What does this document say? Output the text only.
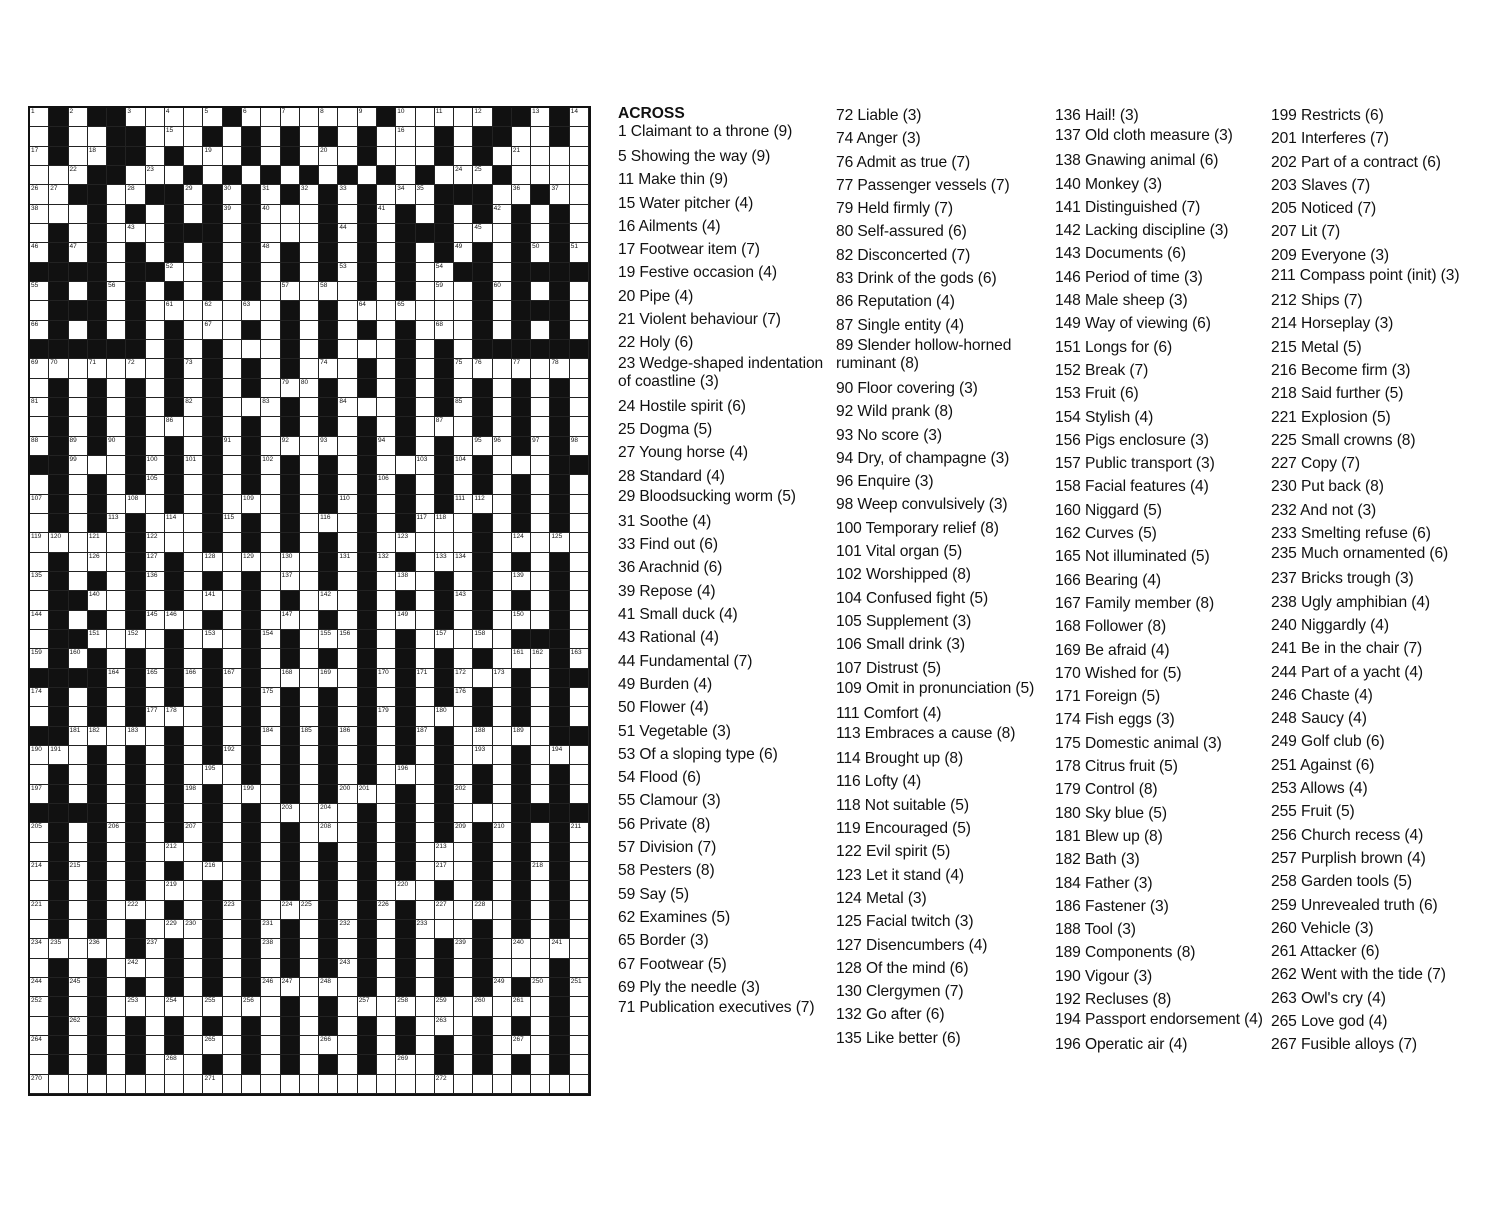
1	2	3	4	5	6	7	8	9	10	11	12	13	14
15	16
17	18	19	20	21
22	23	24 25
26 27	28	29	30	31	32	33	34 35	36	37
38	39	40	41	42
43	44	45
46	47	48	49	50	51
52	53	54
55	56	57	58	59	60
61	62	63	64	65
66	67	68
69 70	71	72	73	74	75 76	77	78
79 80
81	82	83	84	85
86	87
88	89	90	91	92	93	94	95 96	97	98
99	100	101	102	103	104
105	106
107	108	109	110	111 112
113	114	115	116	117 118
119 120	121	122	123	124	125
126	127	128	129	130	131	132	133 134
135	136	137	138	139
140	141	142	143
144	145 146	147	149	150
151	152	153	154	155 156	157	158
159	160	161 162	163
164	165	166	167	168	169	170	171	172	173
174	175	176
177 178	179	180
181 182	183	184	185	186	187	188	189
190 191	192	193	194
195	196
197	198	199	200 201	202
203	204
205	206	207	208	209	210	211
212	213
214	215	216	217	218
219	220
221	222	223	224 225	226	227	228
229 230	231	232	233
234 235	236	237	238	239	240	241
242	243
244	245	246 247	248	249	250	251
252	253	254	255	256	257	258	259	260	261
262	263
264	265	266	267
268	269
270	271	272
ACROSS
1 Claimant to a throne (9)
5 Showing the way (9)
11 Make thin (9)
15 Water pitcher (4)
16 Ailments (4)
17 Footwear item (7)
19 Festive occasion (4)
20 Pipe (4)
21 Violent behaviour (7)
22 Holy (6)
23 Wedge-shaped indentation of coastline (3)
24 Hostile spirit (6)
25 Dogma (5)
27 Young horse (4)
28 Standard (4)
29 Bloodsucking worm (5)
31 Soothe (4)
33 Find out (6)
36 Arachnid (6)
39 Repose (4)
41 Small duck (4)
43 Rational (4)
44 Fundamental (7)
49 Burden (4)
50 Flower (4)
51 Vegetable (3)
53 Of a sloping type (6)
54 Flood (6)
55 Clamour (3)
56 Private (8)
57 Division (7)
58 Pesters (8)
59 Say (5)
62 Examines (5)
65 Border (3)
67 Footwear (5)
69 Ply the needle (3)
71 Publication executives (7)
72 Liable (3)
74 Anger (3)
76 Admit as true (7)
77 Passenger vessels (7)
79 Held firmly (7)
80 Self-assured (6)
82 Disconcerted (7)
83 Drink of the gods (6)
86 Reputation (4)
87 Single entity (4)
89 Slender hollow-horned ruminant (8)
90 Floor covering (3)
92 Wild prank (8)
93 No score (3)
94 Dry, of champagne (3)
96 Enquire (3)
98 Weep convulsively (3)
100 Temporary relief (8)
101 Vital organ (5)
102 Worshipped (8)
104 Confused fight (5)
105 Supplement (3)
106 Small drink (3)
107 Distrust (5)
109 Omit in pronunciation (5)
111 Comfort (4)
113 Embraces a cause (8)
114 Brought up (8)
116 Lofty (4)
118 Not suitable (5)
119 Encouraged (5)
122 Evil spirit (5)
123 Let it stand (4)
124 Metal (3)
125 Facial twitch (3)
127 Disencumbers (4)
128 Of the mind (6)
130 Clergymen (7)
132 Go after (6)
135 Like better (6)
136 Hail! (3)
137 Old cloth measure (3)
138 Gnawing animal (6)
140 Monkey (3)
141 Distinguished (7)
142 Lacking discipline (3)
143 Documents (6)
146 Period of time (3)
148 Male sheep (3)
149 Way of viewing (6)
151 Longs for (6)
152 Break (7)
153 Fruit (6)
154 Stylish (4)
156 Pigs enclosure (3)
157 Public transport (3)
158 Facial features (4)
160 Niggard (5)
162 Curves (5)
165 Not illuminated (5)
166 Bearing (4)
167 Family member (8)
168 Follower (8)
169 Be afraid (4)
170 Wished for (5)
171 Foreign (5)
174 Fish eggs (3)
175 Domestic animal (3)
178 Citrus fruit (5)
179 Control (8)
180 Sky blue (5)
181 Blew up (8)
182 Bath (3)
184 Father (3)
186 Fastener (3)
188 Tool (3)
189 Components (8)
190 Vigour (3)
192 Recluses (8)
194 Passport endorsement (4)
196 Operatic air (4)
199 Restricts (6)
201 Interferes (7)
202 Part of a contract (6)
203 Slaves (7)
205 Noticed (7)
207 Lit (7)
209 Everyone (3)
211 Compass point (init) (3)
212 Ships (7)
214 Horseplay (3)
215 Metal (5)
216 Become firm (3)
218 Said further (5)
221 Explosion (5)
225 Small crowns (8)
227 Copy (7)
230 Put back (8)
232 And not (3)
233 Smelting refuse (6)
235 Much ornamented (6)
237 Bricks trough (3)
238 Ugly amphibian (4)
240 Niggardly (4)
241 Be in the chair (7)
244 Part of a yacht (4)
246 Chaste (4)
248 Saucy (4)
249 Golf club (6)
251 Against (6)
253 Allows (4)
255 Fruit (5)
256 Church recess (4)
257 Purplish brown (4)
258 Garden tools (5)
259 Unrevealed truth (6)
260 Vehicle (3)
261 Attacker (6)
262 Went with the tide (7)
263 Owl's cry (4)
265 Love god (4)
267 Fusible alloys (7)
